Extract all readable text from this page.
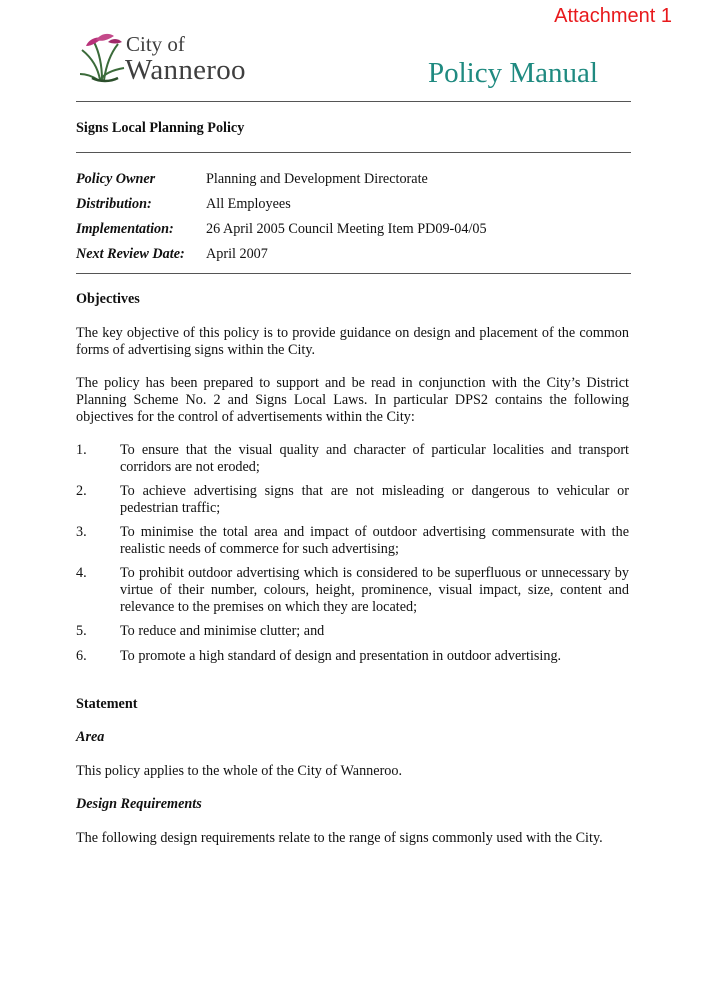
Attachment 1
City of
Wanneroo	Policy Manual
Signs Local Planning Policy
Policy Owner	Planning and Development Directorate
Distribution:	All Employees
Implementation: 26 April 2005 Council Meeting Item PD09-04/05
Next Review Date: April 2007
Objectives
The key objective of this policy is to provide guidance on design and placement of the common forms of advertising signs within the City.
The policy has been prepared to support and be read in conjunction with the City’s District Planning Scheme No. 2 and Signs Local Laws. In particular DPS2 contains the following objectives for the control of advertisements within the City:
1. To ensure that the visual quality and character of particular localities and transport corridors are not eroded;
2. To achieve advertising signs that are not misleading or dangerous to vehicular or pedestrian traffic;
3. To minimise the total area and impact of outdoor advertising commensurate with the realistic needs of commerce for such advertising;
4. To prohibit outdoor advertising which is considered to be superfluous or unnecessary by virtue of their number, colours, height, prominence, visual impact, size, content and relevance to the premises on which they are located;
5. To reduce and minimise clutter; and
6. To promote a high standard of design and presentation in outdoor advertising.
Statement
Area
This policy applies to the whole of the City of Wanneroo.
Design Requirements
The following design requirements relate to the range of signs commonly used with the City.
